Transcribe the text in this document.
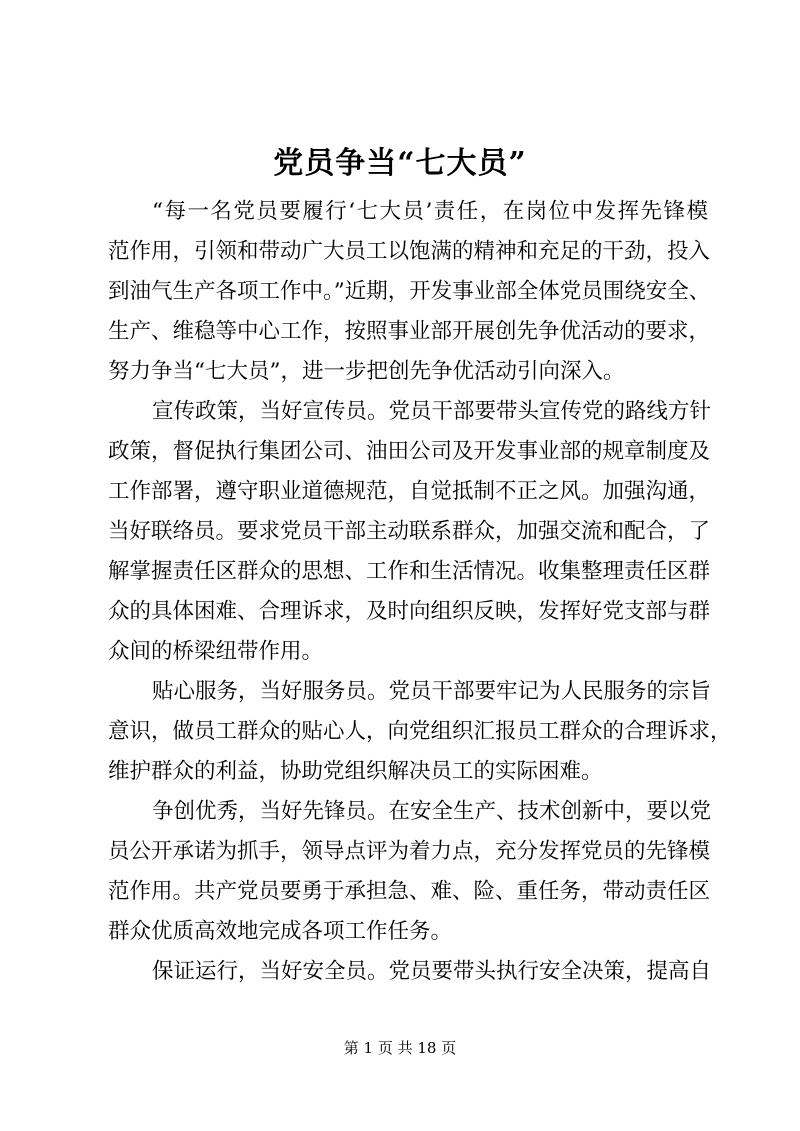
党员争当“七大员”
“每一名党员要履行‘七大员’责任，在岗位中发挥先锋模
范作用，引领和带动广大员工以饱满的精神和充足的干劲，投入
到油气生产各项工作中。”近期，开发事业部全体党员围绕安全、
生产、维稳等中心工作，按照事业部开展创先争优活动的要求，
努力争当“七大员”，进一步把创先争优活动引向深入。
宣传政策，当好宣传员。党员干部要带头宣传党的路线方针
政策，督促执行集团公司、油田公司及开发事业部的规章制度及
工作部署，遵守职业道德规范，自觉抵制不正之风。加强沟通，
当好联络员。要求党员干部主动联系群众，加强交流和配合，了
解掌握责任区群众的思想、工作和生活情况。收集整理责任区群
众的具体困难、合理诉求，及时向组织反映，发挥好党支部与群
众间的桥梁纽带作用。
贴心服务，当好服务员。党员干部要牢记为人民服务的宗旨
意识，做员工群众的贴心人，向党组织汇报员工群众的合理诉求，
维护群众的利益，协助党组织解决员工的实际困难。
争创优秀，当好先锋员。在安全生产、技术创新中，要以党
员公开承诺为抓手，领导点评为着力点，充分发挥党员的先锋模
范作用。共产党员要勇于承担急、难、险、重任务，带动责任区
群众优质高效地完成各项工作任务。
保证运行，当好安全员。党员要带头执行安全决策，提高自
第 1 页 共 18 页
